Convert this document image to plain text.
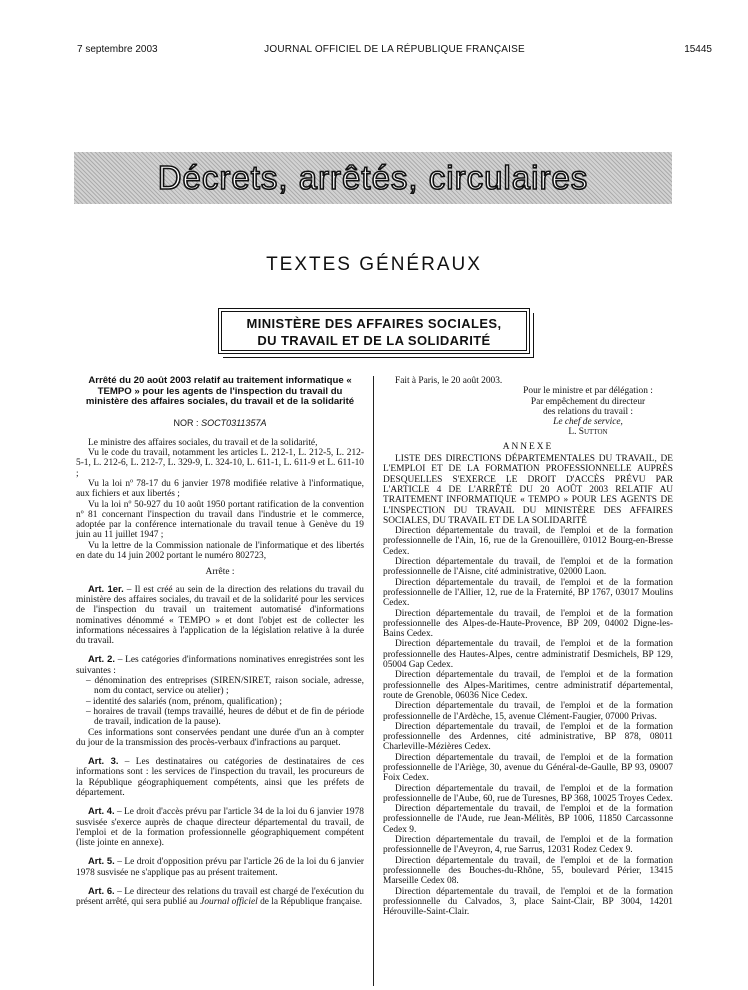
7 septembre 2003	JOURNAL OFFICIEL DE LA RÉPUBLIQUE FRANÇAISE	15445
Décrets, arrêtés, circulaires
TEXTES GÉNÉRAUX
MINISTÈRE DES AFFAIRES SOCIALES,
DU TRAVAIL ET DE LA SOLIDARITÉ
Arrêté du 20 août 2003 relatif au traitement informatique « TEMPO » pour les agents de l'inspection du travail du ministère des affaires sociales, du travail et de la solidarité
NOR : SOCT0311357A

Le ministre des affaires sociales, du travail et de la solidarité,

Vu le code du travail, notamment les articles L. 212-1, L. 212-5, L. 212-5-1, L. 212-6, L. 212-7, L. 329-9, L. 324-10, L. 611-1, L. 611-9 et L. 611-10 ;

Vu la loi nº 78-17 du 6 janvier 1978 modifiée relative à l'informatique, aux fichiers et aux libertés ;

Vu la loi nº 50-927 du 10 août 1950 portant ratification de la convention nº 81 concernant l'inspection du travail dans l'industrie et le commerce, adoptée par la conférence internationale du travail tenue à Genève du 19 juin au 11 juillet 1947 ;

Vu la lettre de la Commission nationale de l'informatique et des libertés en date du 14 juin 2002 portant le numéro 802723,

Arrête :

Art. 1er. – Il est créé au sein de la direction des relations du travail du ministère des affaires sociales, du travail et de la solidarité pour les services de l'inspection du travail un traitement automatisé d'informations nominatives dénommé « TEMPO » et dont l'objet est de collecter les informations nécessaires à l'application de la législation relative à la durée du travail.

Art. 2. – Les catégories d'informations nominatives enregistrées sont les suivantes :

– dénomination des entreprises (SIREN/SIRET, raison sociale, adresse, nom du contact, service ou atelier) ;
– identité des salariés (nom, prénom, qualification) ;
– horaires de travail (temps travaillé, heures de début et de fin de période de travail, indication de la pause).

Ces informations sont conservées pendant une durée d'un an à compter du jour de la transmission des procès-verbaux d'infractions au parquet.

Art. 3. – Les destinataires ou catégories de destinataires de ces informations sont : les services de l'inspection du travail, les procureurs de la République géographiquement compétents, ainsi que les préfets de département.

Art. 4. – Le droit d'accès prévu par l'article 34 de la loi du 6 janvier 1978 susvisée s'exerce auprès de chaque directeur départemental du travail, de l'emploi et de la formation professionnelle géographiquement compétent (liste jointe en annexe).

Art. 5. – Le droit d'opposition prévu par l'article 26 de la loi du 6 janvier 1978 susvisée ne s'applique pas au présent traitement.

Art. 6. – Le directeur des relations du travail est chargé de l'exécution du présent arrêté, qui sera publié au Journal officiel de la République française.

Fait à Paris, le 20 août 2003.

Pour le ministre et par délégation :
Par empêchement du directeur
des relations du travail :
Le chef de service,
L. Sutton
ANNEXE

LISTE DES DIRECTIONS DÉPARTEMENTALES DU TRAVAIL, DE L'EMPLOI ET DE LA FORMATION PROFESSIONNELLE AUPRÈS DESQUELLES S'EXERCE LE DROIT D'ACCÈS PRÉVU PAR L'ARTICLE 4 DE L'ARRÊTÉ DU 20 AOÛT 2003 RELATIF AU TRAITEMENT INFORMATIQUE « TEMPO » POUR LES AGENTS DE L'INSPECTION DU TRAVAIL DU MINISTÈRE DES AFFAIRES SOCIALES, DU TRAVAIL ET DE LA SOLIDARITÉ

Direction départementale du travail, de l'emploi et de la formation professionnelle de l'Ain, 16, rue de la Grenouillère, 01012 Bourg-en-Bresse Cedex.

Direction départementale du travail, de l'emploi et de la formation professionnelle de l'Aisne, cité administrative, 02000 Laon.

Direction départementale du travail, de l'emploi et de la formation professionnelle de l'Allier, 12, rue de la Fraternité, BP 1767, 03017 Moulins Cedex.

Direction départementale du travail, de l'emploi et de la formation professionnelle des Alpes-de-Haute-Provence, BP 209, 04002 Digne-les-Bains Cedex.

Direction départementale du travail, de l'emploi et de la formation professionnelle des Hautes-Alpes, centre administratif Desmichels, BP 129, 05004 Gap Cedex.

Direction départementale du travail, de l'emploi et de la formation professionnelle des Alpes-Maritimes, centre administratif départemental, route de Grenoble, 06036 Nice Cedex.

Direction départementale du travail, de l'emploi et de la formation professionnelle de l'Ardèche, 15, avenue Clément-Faugier, 07000 Privas.

Direction départementale du travail, de l'emploi et de la formation professionnelle des Ardennes, cité administrative, BP 878, 08011 Charleville-Mézières Cedex.

Direction départementale du travail, de l'emploi et de la formation professionnelle de l'Ariège, 30, avenue du Général-de-Gaulle, BP 93, 09007 Foix Cedex.

Direction départementale du travail, de l'emploi et de la formation professionnelle de l'Aube, 60, rue de Turesnes, BP 368, 10025 Troyes Cedex.

Direction départementale du travail, de l'emploi et de la formation professionnelle de l'Aude, rue Jean-Mélitès, BP 1006, 11850 Carcassonne Cedex 9.

Direction départementale du travail, de l'emploi et de la formation professionnelle de l'Aveyron, 4, rue Sarrus, 12031 Rodez Cedex 9.

Direction départementale du travail, de l'emploi et de la formation professionnelle des Bouches-du-Rhône, 55, boulevard Périer, 13415 Marseille Cedex 08.

Direction départementale du travail, de l'emploi et de la formation professionnelle du Calvados, 3, place Saint-Clair, BP 3004, 14201 Hérouville-Saint-Clair.
